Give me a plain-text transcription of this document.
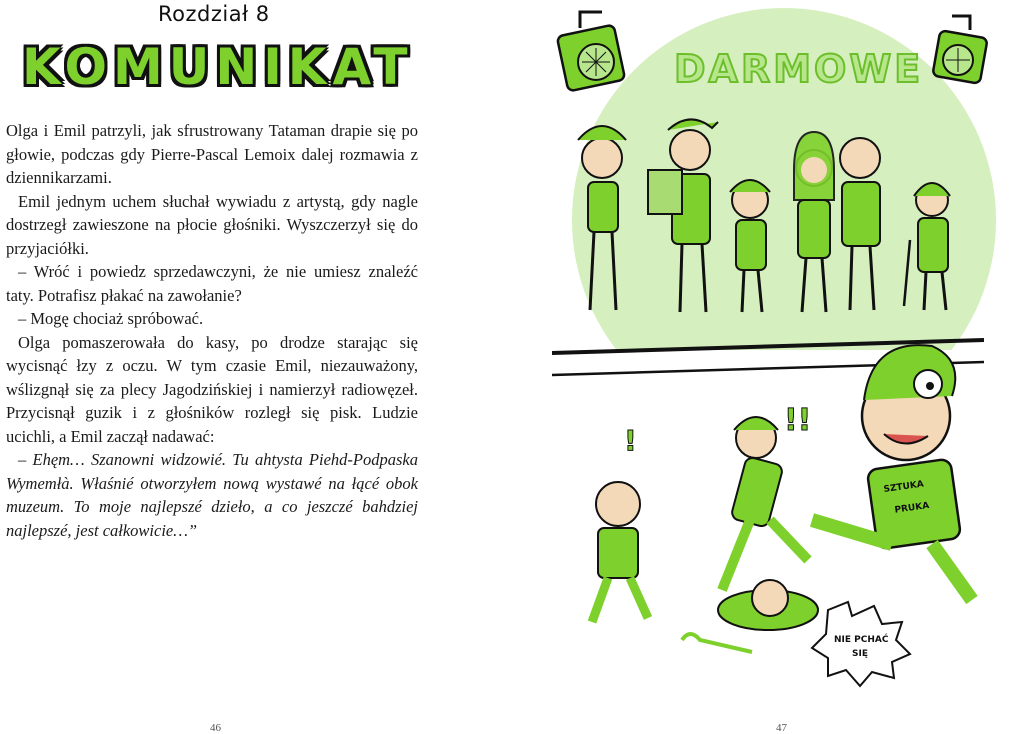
Rozdział 8
KOMUNIKAT

Olga i Emil patrzyli, jak sfrustrowany Tataman drapie się po głowie, podczas gdy Pierre-Pascal Lemoix dalej rozmawia z dziennikarzami.

Emil jednym uchem słuchał wywiadu z artystą, gdy nagle dostrzegł zawieszone na płocie głośniki. Wyszczerzył się do przyjaciółki.

– Wróć i powiedz sprzedawczyni, że nie umiesz znaleźć taty. Potrafisz płakać na zawołanie?

– Mogę chociaż spróbować.

Olga pomaszerowała do kasy, po drodze starając się wycisnąć łzy z oczu. W tym czasie Emil, niezauważony, wślizgnął się za plecy Jagodzińskiej i namierzył radiowęzeł. Przycisnął guzik i z głośników rozległ się pisk. Ludzie ucichli, a Emil zaczął nadawać:

– Ehęm… Szanowni widzowié. Tu ahtysta Piehd-Podpaska Wymemłà. Właśnié otworzyłem nową wystawé na łącé obok muzeum. To moje najlepszé dzieło, a co jeszczé bahdziej najlepszé, jest całkowicie…”

46
DARMOWE
!
!!
SZTUKA
PRUKA
NIE PCHAĆ
SIĘ
47
